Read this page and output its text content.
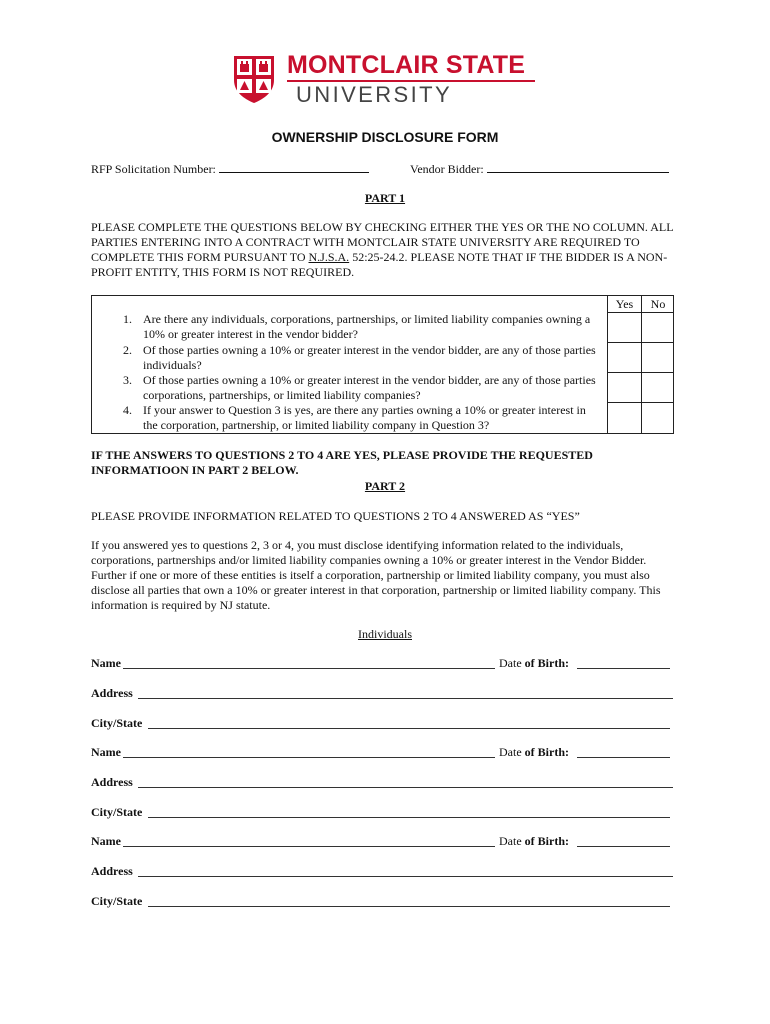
MONTCLAIR STATE
UNIVERSITY
OWNERSHIP DISCLOSURE FORM
RFP Solicitation Number:	Vendor Bidder:
PART 1
PLEASE COMPLETE THE QUESTIONS BELOW BY CHECKING EITHER THE YES OR THE NO COLUMN. ALL PARTIES ENTERING INTO A CONTRACT WITH MONTCLAIR STATE UNIVERSITY ARE REQUIRED TO COMPLETE THIS FORM PURSUANT TO N.J.S.A. 52:25-24.2. PLEASE NOTE THAT IF THE BIDDER IS A NON-PROFIT ENTITY, THIS FORM IS NOT REQUIRED.
Yes	No
1. Are there any individuals, corporations, partnerships, or limited liability companies owning a 10% or greater interest in the vendor bidder?
2. Of those parties owning a 10% or greater interest in the vendor bidder, are any of those parties individuals?
3. Of those parties owning a 10% or greater interest in the vendor bidder, are any of those parties corporations, partnerships, or limited liability companies?
4. If your answer to Question 3 is yes, are there any parties owning a 10% or greater interest in the corporation, partnership, or limited liability company in Question 3?
IF THE ANSWERS TO QUESTIONS 2 TO 4 ARE YES, PLEASE PROVIDE THE REQUESTED INFORMATIOON IN PART 2 BELOW.
PART 2
PLEASE PROVIDE INFORMATION RELATED TO QUESTIONS 2 TO 4 ANSWERED AS “YES”
If you answered yes to questions 2, 3 or 4, you must disclose identifying information related to the individuals, corporations, partnerships and/or limited liability companies owning a 10% or greater interest in the Vendor Bidder. Further if one or more of these entities is itself a corporation, partnership or limited liability company, you must also disclose all parties that own a 10% or greater interest in that corporation, partnership or limited liability company. This information is required by NJ statute.
Individuals
Name	Date of Birth:
Address
City/State
Name	Date of Birth:
Address
City/State
Name	Date of Birth:
Address
City/State
